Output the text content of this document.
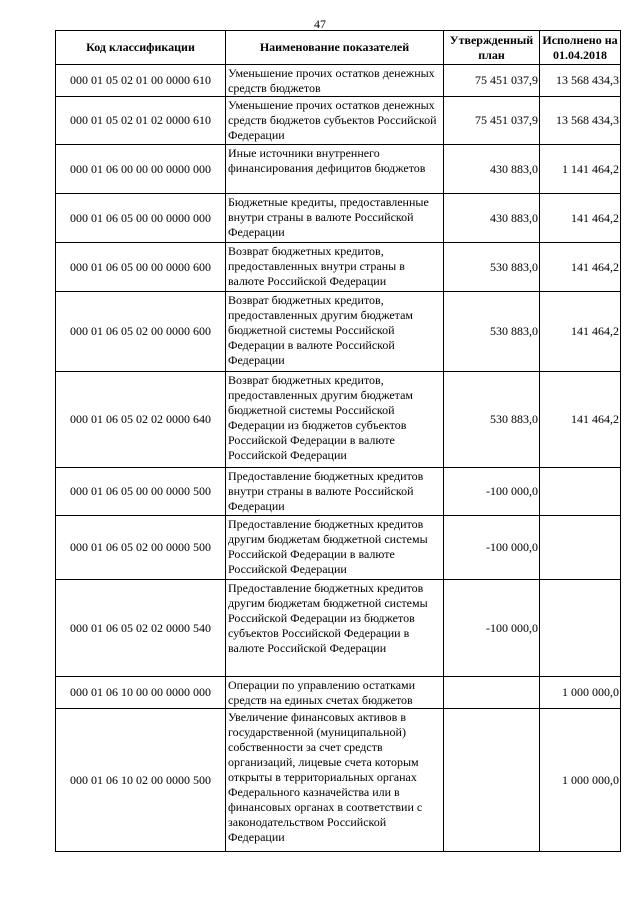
47
Код классификации	Наименование показателей	Утвержденный план	Исполнено на 01.04.2018
000 01 05 02 01 00 0000 610	Уменьшение прочих остатков денежных средств бюджетов	75 451 037,9	13 568 434,3
000 01 05 02 01 02 0000 610	Уменьшение прочих остатков денежных средств бюджетов субъектов Российской Федерации	75 451 037,9	13 568 434,3
000 01 06 00 00 00 0000 000	Иные источники внутреннего финансирования дефицитов бюджетов	430 883,0	1 141 464,2
000 01 06 05 00 00 0000 000	Бюджетные кредиты, предоставленные внутри страны в валюте Российской Федерации	430 883,0	141 464,2
000 01 06 05 00 00 0000 600	Возврат бюджетных кредитов, предоставленных внутри страны в валюте Российской Федерации	530 883,0	141 464,2
000 01 06 05 02 00 0000 600	Возврат бюджетных кредитов, предоставленных другим бюджетам бюджетной системы Российской Федерации в валюте Российской Федерации	530 883,0	141 464,2
000 01 06 05 02 02 0000 640	Возврат бюджетных кредитов, предоставленных другим бюджетам бюджетной системы Российской Федерации из бюджетов субъектов Российской Федерации в валюте Российской Федерации	530 883,0	141 464,2
000 01 06 05 00 00 0000 500	Предоставление бюджетных кредитов внутри страны в валюте Российской Федерации	-100 000,0	
000 01 06 05 02 00 0000 500	Предоставление бюджетных кредитов другим бюджетам бюджетной системы Российской Федерации в валюте Российской Федерации	-100 000,0	
000 01 06 05 02 02 0000 540	Предоставление бюджетных кредитов другим бюджетам бюджетной системы Российской Федерации из бюджетов субъектов Российской Федерации в валюте Российской Федерации	-100 000,0	
000 01 06 10 00 00 0000 000	Операции по управлению остатками средств на единых счетах бюджетов		1 000 000,0
000 01 06 10 02 00 0000 500	Увеличение финансовых активов в государственной (муниципальной) собственности за счет средств организаций, лицевые счета которым открыты в территориальных органах Федерального казначейства или в финансовых органах в соответствии с законодательством Российской Федерации		1 000 000,0
